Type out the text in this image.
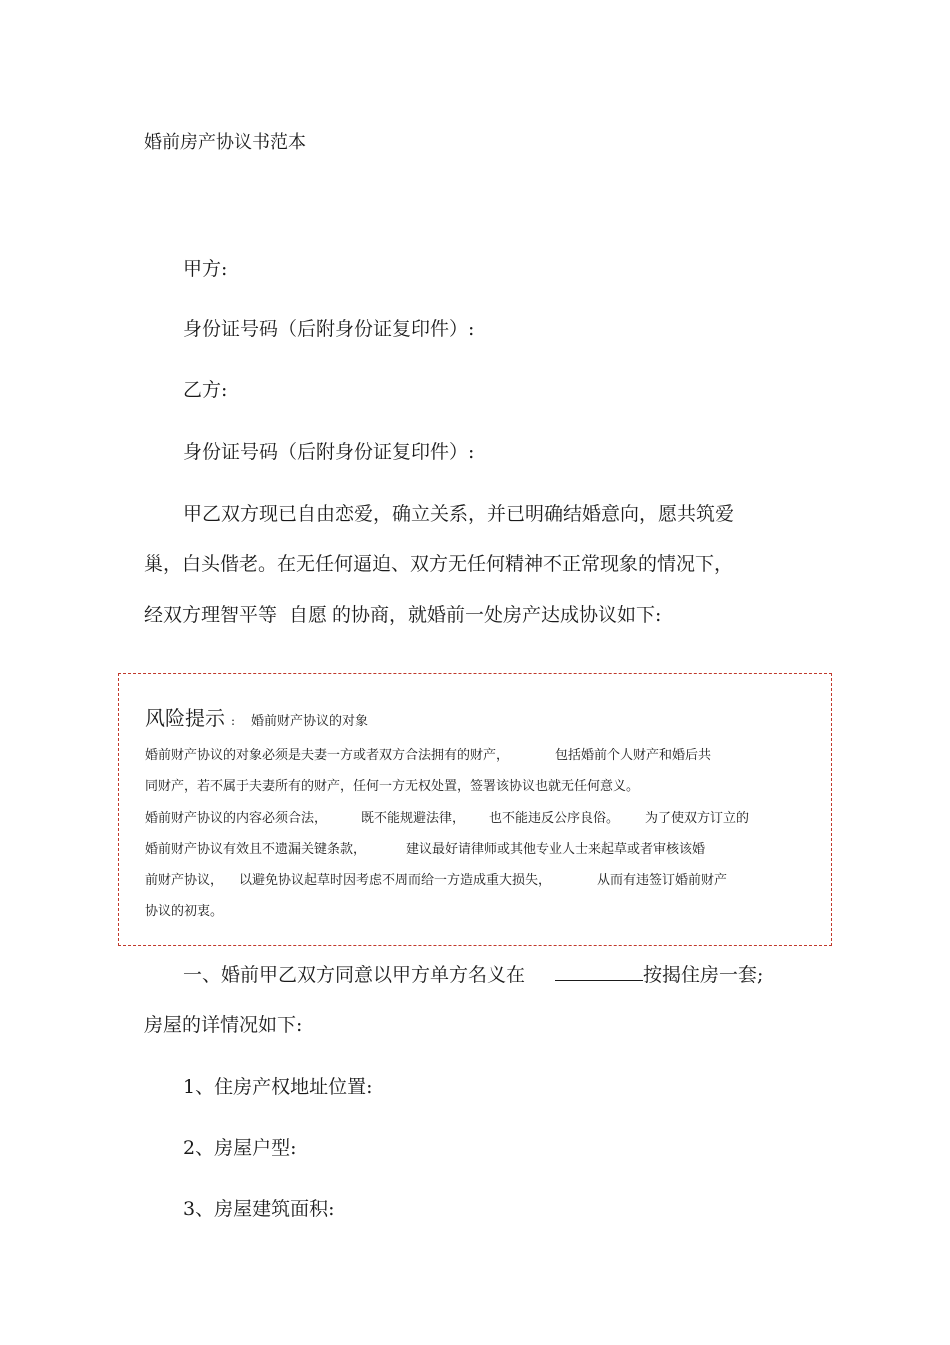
婚前房产协议书范本
甲方:
身份证号码（后附身份证复印件）:
乙方:
身份证号码（后附身份证复印件）:
甲乙双方现已自由恋爱，确立关系，并已明确结婚意向，愿共筑爱
巢，白头偕老。在无任何逼迫、双方无任何精神不正常现象的情况下，
经双方理智平等 自愿 的协商，就婚前一处房产达成协议如下:
风险提示 : 婚前财产协议的对象
婚前财产协议的对象必须是夫妻一方或者双方合法拥有的财产，	包括婚前个人财产和婚后共
同财产，若不属于夫妻所有的财产，任何一方无权处置，签署该协议也就无任何意义。
婚前财产协议的内容必须合法，	既不能规避法律， 也不能违反公序良俗。 为了使双方订立的
婚前财产协议有效且不遗漏关键条款，	建议最好请律师或其他专业人士来起草或者审核该婚
前财产协议， 以避免协议起草时因考虑不周而给一方造成重大损失，	从而有违签订婚前财产
协议的初衷。
一、婚前甲乙双方同意以甲方单方名义在	按揭住房一套;
房屋的详情况如下:
1、住房产权地址位置:
2、房屋户型:
3、房屋建筑面积:
